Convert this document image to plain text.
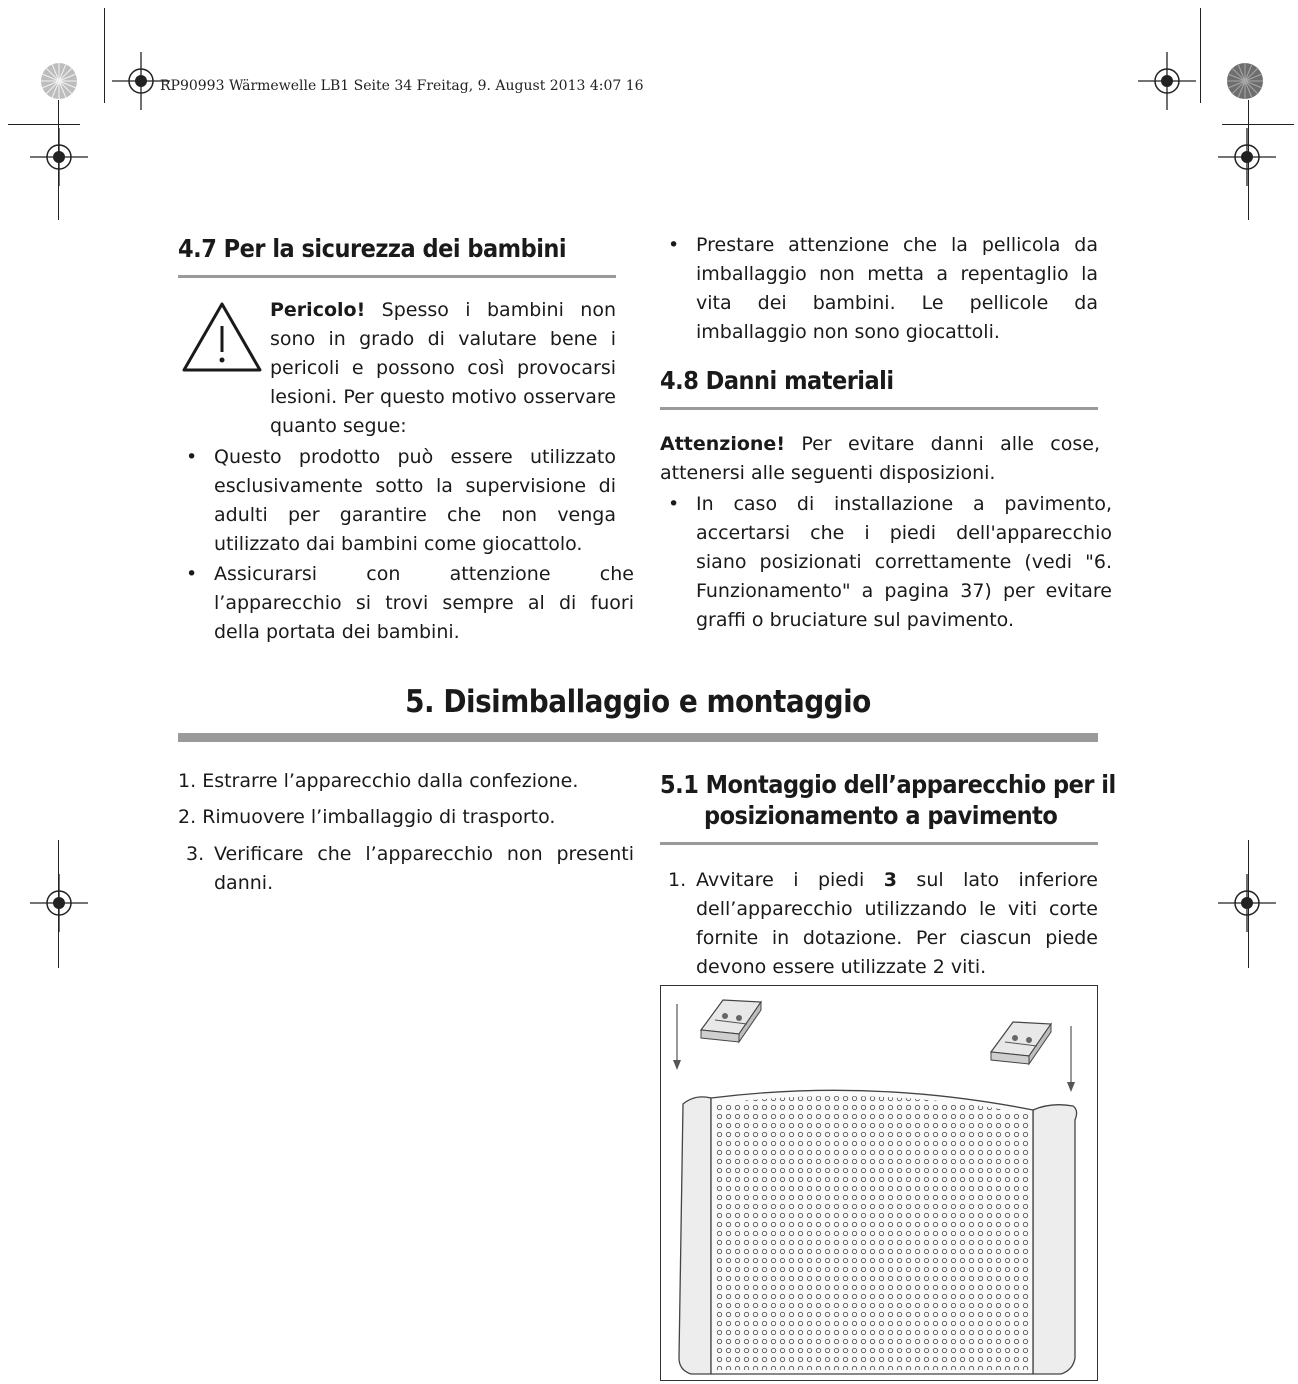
RP90993 Wärmewelle LB1 Seite 34 Freitag, 9. August 2013 4:07 16
4.7 Per la sicurezza dei bambini
Pericolo! Spesso i bambini non sono in grado di valutare bene i pericoli e possono così provocarsi lesioni. Per questo motivo osservare quanto segue:
• Questo prodotto può essere utilizzato esclusivamente sotto la supervisione di adulti per garantire che non venga utilizzato dai bambini come giocattolo.
• Assicurarsi con attenzione che l’apparecchio si trovi sempre al di fuori della portata dei bambini.
• Prestare attenzione che la pellicola da imballaggio non metta a repentaglio la vita dei bambini. Le pellicole da imballaggio non sono giocattoli.
4.8 Danni materiali
Attenzione! Per evitare danni alle cose, attenersi alle seguenti disposizioni.
• In caso di installazione a pavimento, accertarsi che i piedi dell'apparecchio siano posizionati correttamente (vedi "6. Funzionamento" a pagina 37) per evitare graffi o bruciature sul pavimento.
5. Disimballaggio e montaggio
1. Estrarre l’apparecchio dalla confezione.
2. Rimuovere l’imballaggio di trasporto.
3. Verificare che l’apparecchio non presenti danni.
5.1 Montaggio dell’apparecchio per il
posizionamento a pavimento
1. Avvitare i piedi 3 sul lato inferiore dell’apparecchio utilizzando le viti corte fornite in dotazione. Per ciascun piede devono essere utilizzate 2 viti.
